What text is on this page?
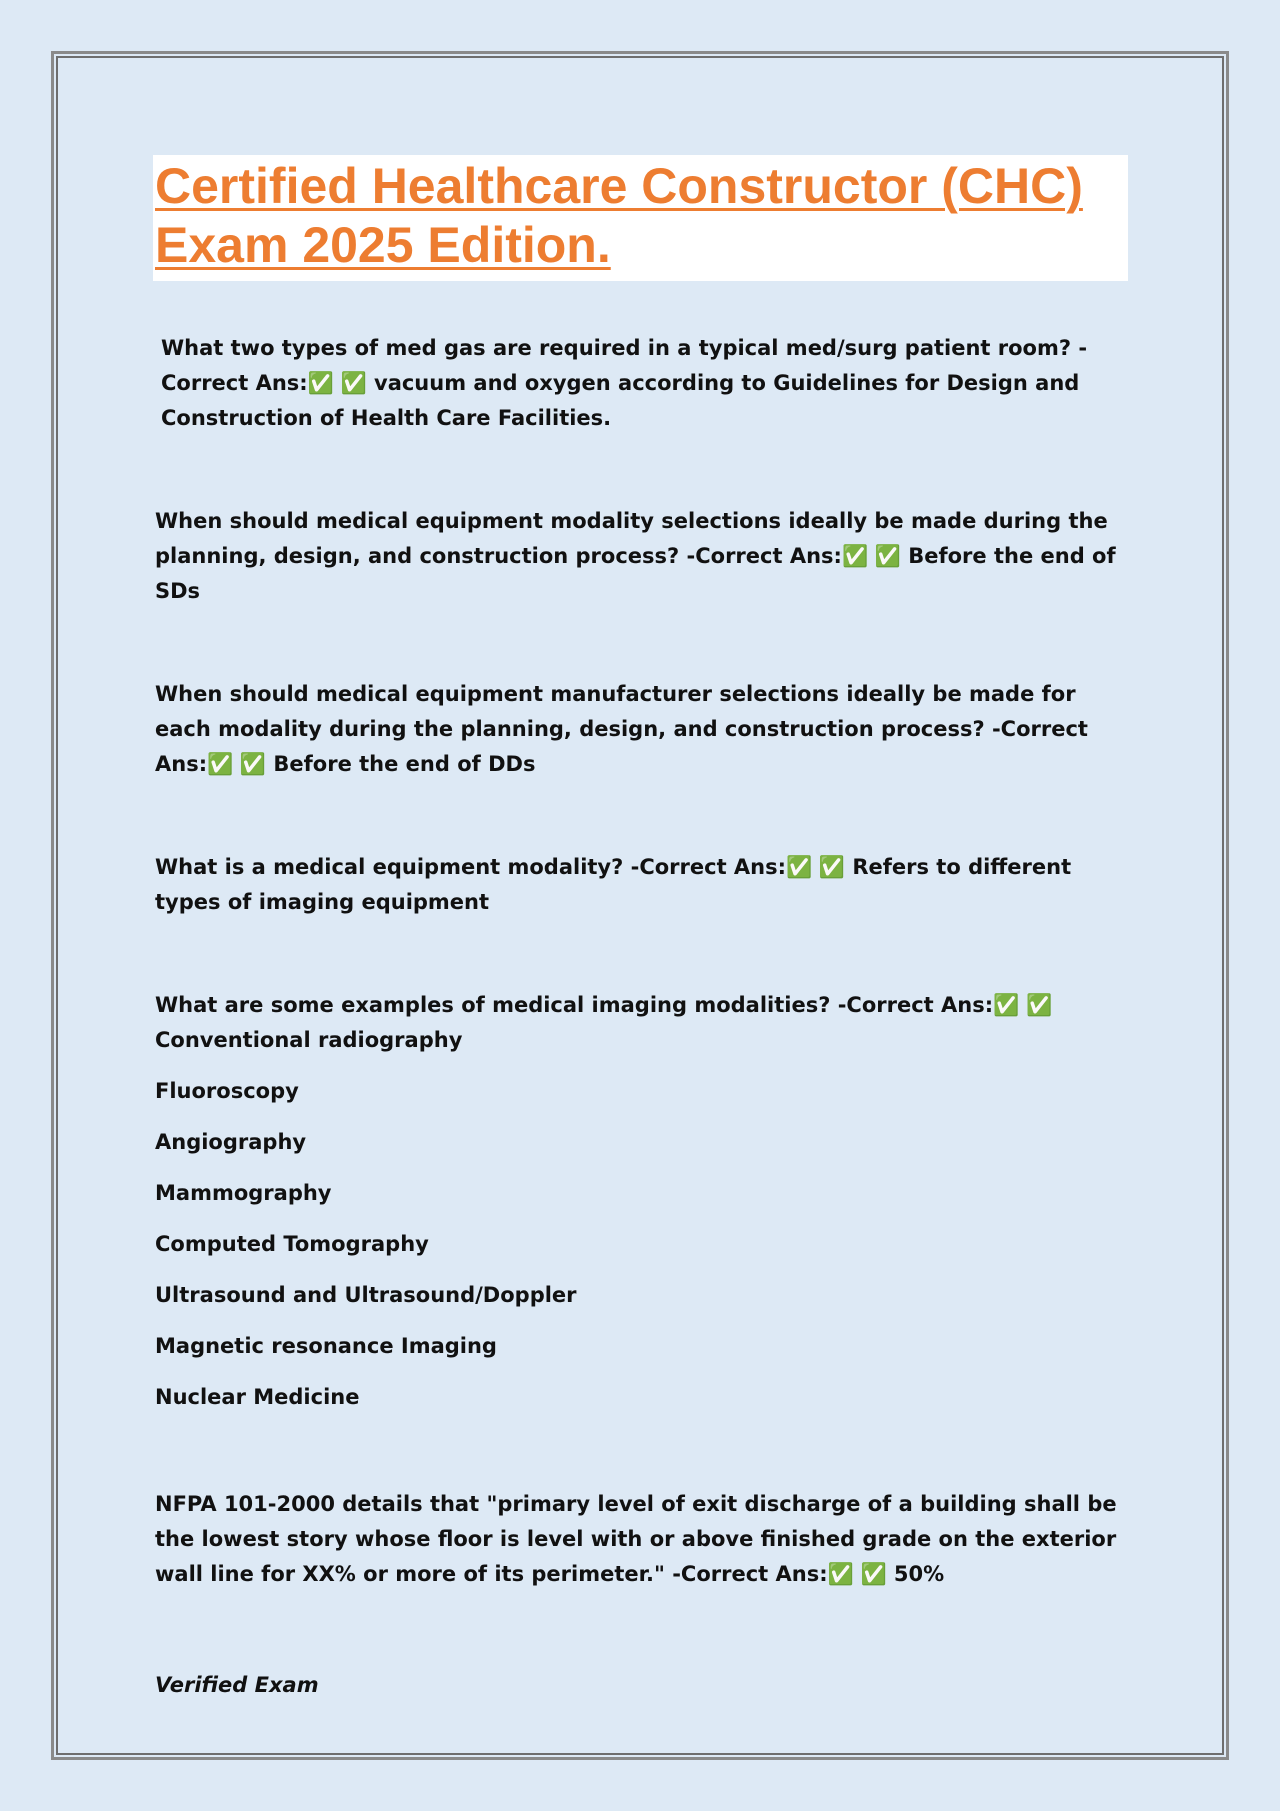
Certified Healthcare Constructor (CHC) Exam 2025 Edition.

What two types of med gas are required in a typical med/surg patient room? -Correct Ans:✅ ✅ vacuum and oxygen according to Guidelines for Design and Construction of Health Care Facilities.

When should medical equipment modality selections ideally be made during the planning, design, and construction process? -Correct Ans:✅ ✅ Before the end of SDs

When should medical equipment manufacturer selections ideally be made for each modality during the planning, design, and construction process? -Correct Ans:✅ ✅ Before the end of DDs

What is a medical equipment modality? -Correct Ans:✅ ✅ Refers to different types of imaging equipment

What are some examples of medical imaging modalities? -Correct Ans:✅ ✅ Conventional radiography

Fluoroscopy
Angiography
Mammography
Computed Tomography
Ultrasound and Ultrasound/Doppler
Magnetic resonance Imaging
Nuclear Medicine

NFPA 101-2000 details that "primary level of exit discharge of a building shall be the lowest story whose floor is level with or above finished grade on the exterior wall line for XX% or more of its perimeter." -Correct Ans:✅ ✅ 50%

Verified Exam
